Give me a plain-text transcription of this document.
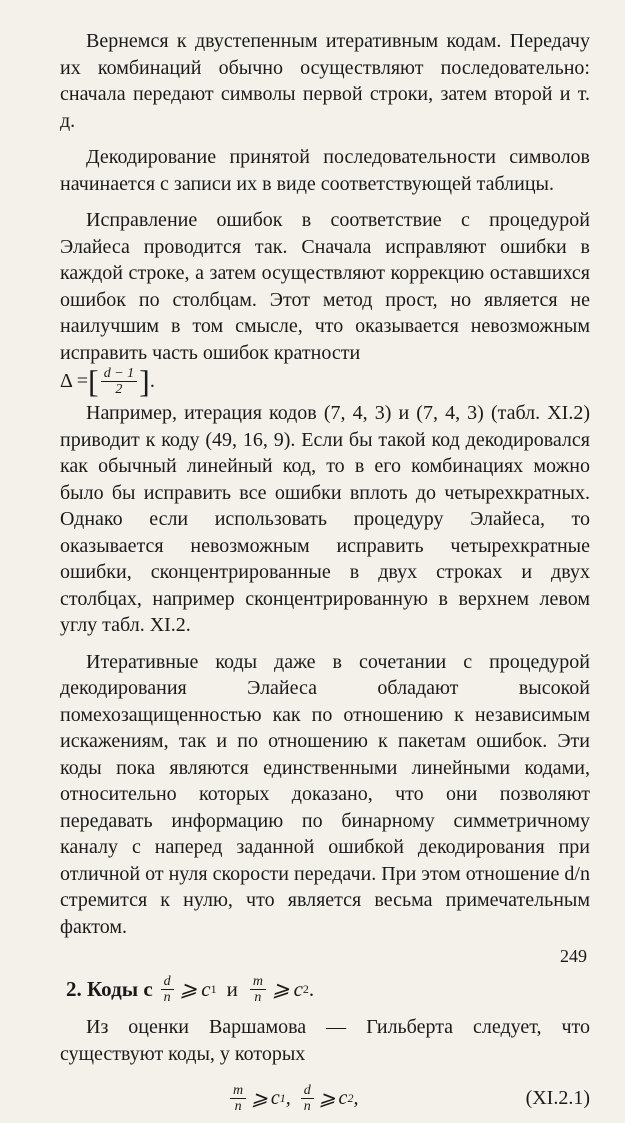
Вернемся к двустепенным итеративным кодам. Передачу их комбинаций обычно осуществляют последовательно: сначала передают символы первой строки, затем второй и т. д.

Декодирование принятой последовательности символов начинается с записи их в виде соответствующей таблицы.

Исправление ошибок в соответствие с процедурой Элайеса проводится так. Сначала исправляют ошибки в каждой строке, а затем осуществляют коррекцию оставшихся ошибок по столбцам. Этот метод прост, но является не наилучшим в том смысле, что оказывается невозможным исправить часть ошибок кратности

Δ = [ $\frac{d - 1}{2}$ ] .

Например, итерация кодов (7, 4, 3) и (7, 4, 3) (табл. XI.2) приводит к коду (49, 16, 9). Если бы такой код декодировался как обычный линейный код, то в его комбинациях можно было бы исправить все ошибки вплоть до четырехкратных. Однако если использовать процедуру Элайеса, то оказывается невозможным исправить четырехкратные ошибки, сконцентрированные в двух строках и двух столбцах, например сконцентрированную в верхнем левом углу табл. XI.2.

Итеративные коды даже в сочетании с процедурой декодирования Элайеса обладают высокой помехозащищенностью как по отношению к независимым искажениям, так и по отношению к пакетам ошибок. Эти коды пока являются единственными линейными кодами, относительно которых доказано, что они позволяют передавать информацию по бинарному симметричному каналу с наперед заданной ошибкой декодирования при отличной от нуля скорости передачи. При этом отношение d/n стремится к нулю, что является весьма примечательным фактом.

2. Коды с $\frac{d}{n}$ ⩾ c 1 и $\frac{m}{n}$ ⩾ c 2 .

Из оценки Варшамова — Гильберта следует, что существуют коды, у которых

$\frac{m}{n}$ ⩾ c 1 , $\frac{d}{n}$ ⩾ c 2 ,	(XI.2.1)
249
